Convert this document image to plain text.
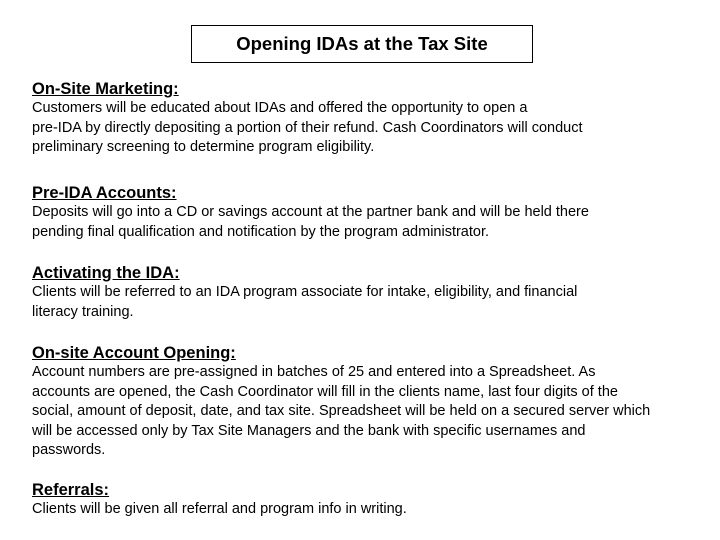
Opening IDAs at the Tax Site
On-Site Marketing:
Customers will be educated about IDAs and offered the opportunity to open a
pre-IDA by directly depositing a portion of their refund. Cash Coordinators will conduct
preliminary screening to determine program eligibility.
Pre-IDA Accounts:
Deposits will go into a CD or savings account at the partner bank and will be held there
pending final qualification and notification by the program administrator.
Activating the IDA:
Clients will be referred to an IDA program associate for intake, eligibility, and financial
literacy training.
On-site Account Opening:
Account numbers are pre-assigned in batches of 25 and entered into a Spreadsheet. As
accounts are opened, the Cash Coordinator will fill in the clients name, last four digits of the
social, amount of deposit, date, and tax site. Spreadsheet will be held on a secured server which
will be accessed only by Tax Site Managers and the bank with specific usernames and
passwords.
Referrals:
Clients will be given all referral and program info in writing.
